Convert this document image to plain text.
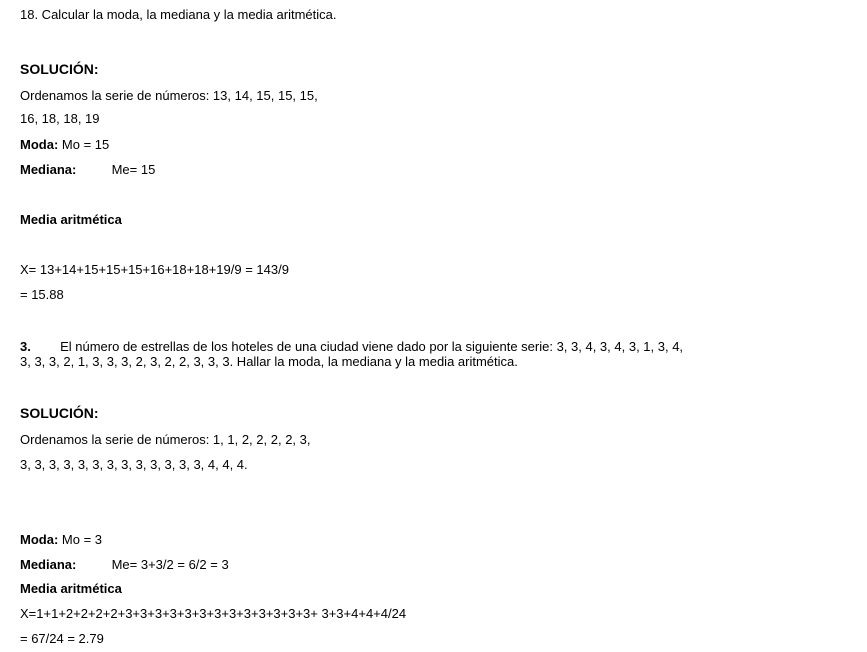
18. Calcular la moda, la mediana y la media aritmética.
SOLUCIÓN:
Ordenamos la serie de números: 13, 14, 15, 15, 15,
16, 18, 18, 19
Moda: Mo = 15
Mediana:	Me= 15
Media aritmética
X= 13+14+15+15+15+16+18+18+19/9 = 143/9
= 15.88
3. El número de estrellas de los hoteles de una ciudad viene dado por la siguiente serie: 3, 3, 4, 3, 4, 3, 1, 3, 4,
3, 3, 3, 2, 1, 3, 3, 3, 2, 3, 2, 2, 3, 3, 3. Hallar la moda, la mediana y la media aritmética.
SOLUCIÓN:
Ordenamos la serie de números: 1, 1, 2, 2, 2, 2, 3,
3, 3, 3, 3, 3, 3, 3, 3, 3, 3, 3, 3, 3, 4, 4, 4.
Moda: Mo = 3
Mediana:	Me= 3+3/2 = 6/2 = 3
Media aritmética
X=1+1+2+2+2+2+3+3+3+3+3+3+3+3+3+3+3+3+3+ 3+3+4+4+4/24
= 67/24 = 2.79
